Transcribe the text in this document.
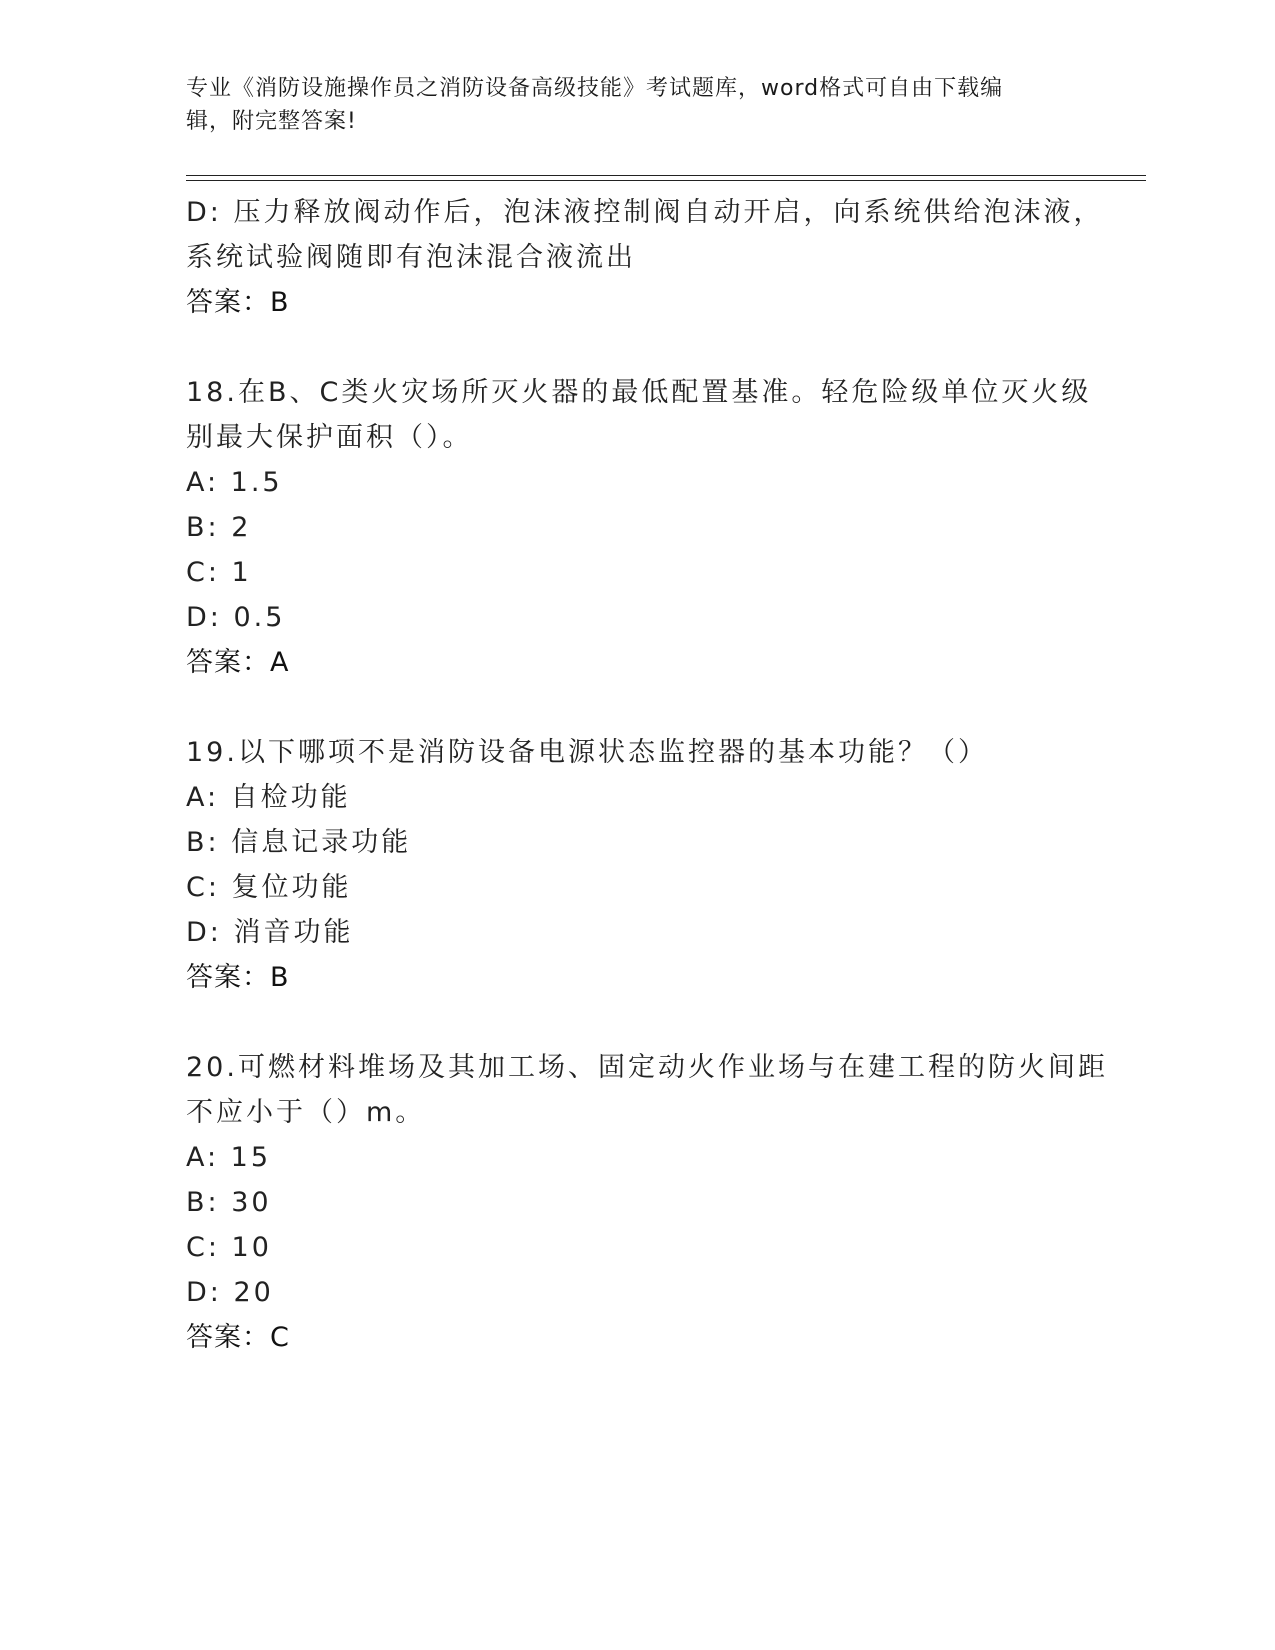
专业《消防设施操作员之消防设备高级技能》考试题库，word格式可自由下载编
辑，附完整答案!
D: 压力释放阀动作后，泡沫液控制阀自动开启，向系统供给泡沫液，
系统试验阀随即有泡沫混合液流出
答案：B
18.在B、C类火灾场所灭火器的最低配置基准。轻危险级单位灭火级
别最大保护面积（）。
A: 1.5
B: 2
C: 1
D: 0.5
答案：A
19.以下哪项不是消防设备电源状态监控器的基本功能？（）
A: 自检功能
B: 信息记录功能
C: 复位功能
D: 消音功能
答案：B
20.可燃材料堆场及其加工场、固定动火作业场与在建工程的防火间距
不应小于（）m。
A: 15
B: 30
C: 10
D: 20
答案：C
